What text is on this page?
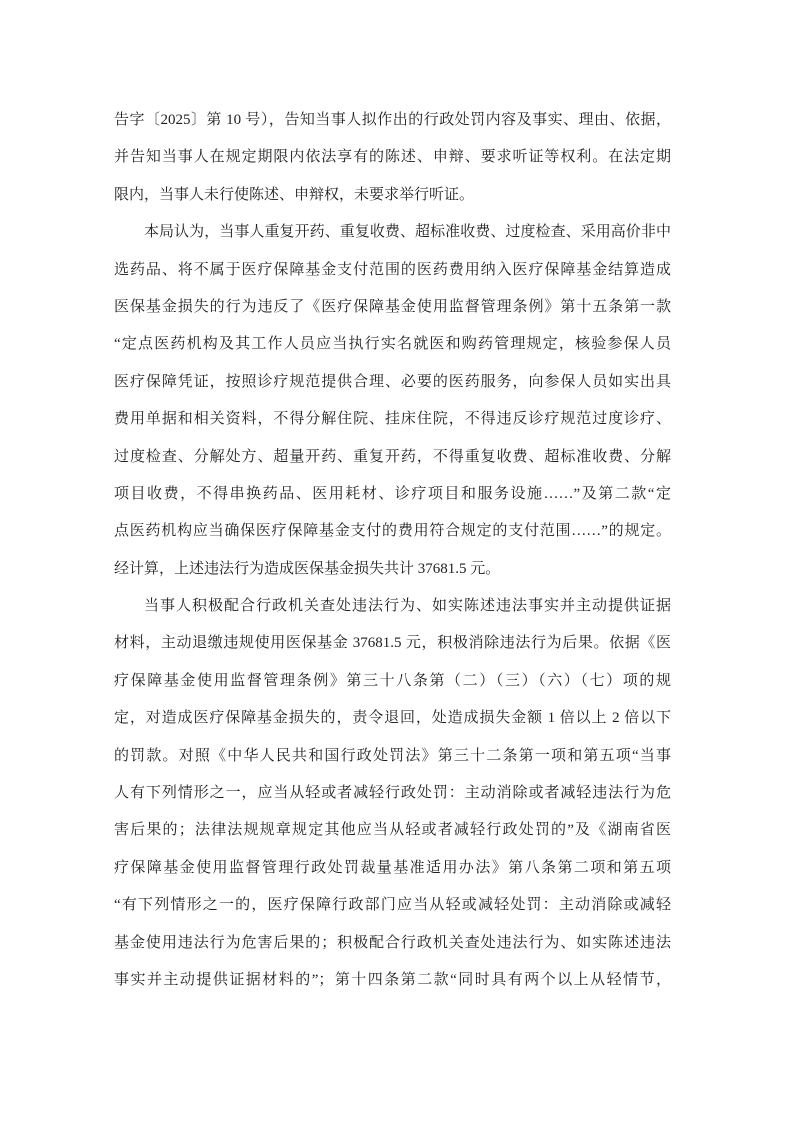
告字〔2025〕第 10 号），告知当事人拟作出的行政处罚内容及事实、理由、依据，
并告知当事人在规定期限内依法享有的陈述、申辩、要求听证等权利。在法定期
限内，当事人未行使陈述、申辩权，未要求举行听证。
本局认为，当事人重复开药、重复收费、超标准收费、过度检查、采用高价非中
选药品、将不属于医疗保障基金支付范围的医药费用纳入医疗保障基金结算造成
医保基金损失的行为违反了《医疗保障基金使用监督管理条例》第十五条第一款
“定点医药机构及其工作人员应当执行实名就医和购药管理规定，核验参保人员
医疗保障凭证，按照诊疗规范提供合理、必要的医药服务，向参保人员如实出具
费用单据和相关资料，不得分解住院、挂床住院，不得违反诊疗规范过度诊疗、
过度检查、分解处方、超量开药、重复开药，不得重复收费、超标准收费、分解
项目收费，不得串换药品、医用耗材、诊疗项目和服务设施……”及第二款“定
点医药机构应当确保医疗保障基金支付的费用符合规定的支付范围……”的规定。
经计算，上述违法行为造成医保基金损失共计 37681.5 元。
当事人积极配合行政机关查处违法行为、如实陈述违法事实并主动提供证据
材料，主动退缴违规使用医保基金 37681.5 元，积极消除违法行为后果。依据《医
疗保障基金使用监督管理条例》第三十八条第（二）（三）（六）（七）项的规
定，对造成医疗保障基金损失的，责令退回，处造成损失金额 1 倍以上 2 倍以下
的罚款。对照《中华人民共和国行政处罚法》第三十二条第一项和第五项“当事
人有下列情形之一，应当从轻或者减轻行政处罚：主动消除或者减轻违法行为危
害后果的；法律法规规章规定其他应当从轻或者减轻行政处罚的”及《湖南省医
疗保障基金使用监督管理行政处罚裁量基准适用办法》第八条第二项和第五项
“有下列情形之一的，医疗保障行政部门应当从轻或减轻处罚：主动消除或减轻
基金使用违法行为危害后果的；积极配合行政机关查处违法行为、如实陈述违法
事实并主动提供证据材料的”；第十四条第二款“同时具有两个以上从轻情节，
